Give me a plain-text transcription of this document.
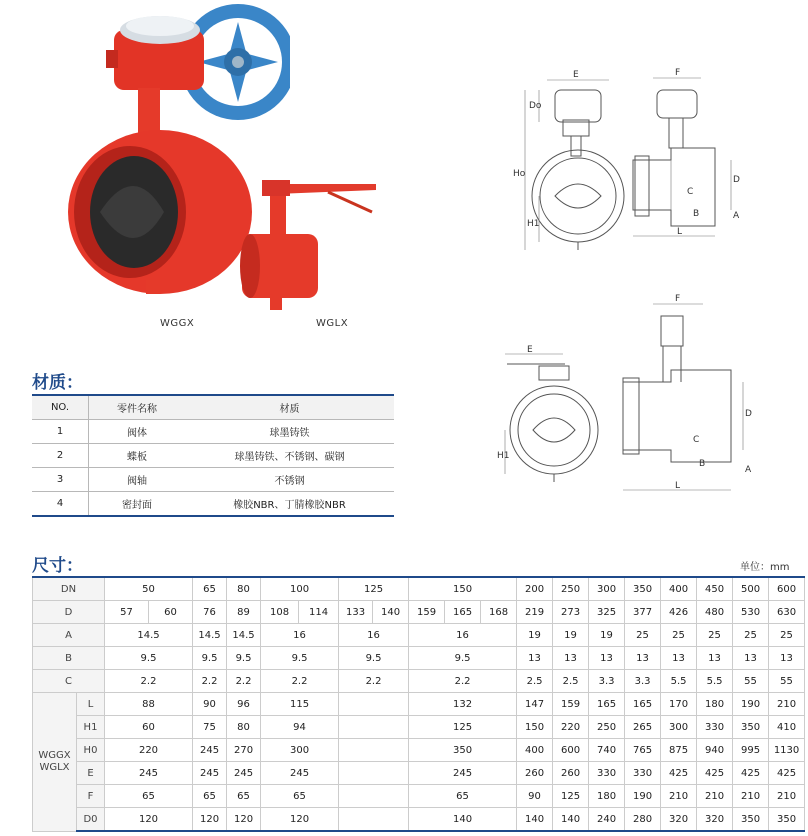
WGGX	WGLX
E
Ho
Do
H1
F
D
C
B	A
L
E
H1
F
D
C
B
A
L
材质：
NO.	零件名称	材质
1	阀体	球墨铸铁
2	蝶板	球墨铸铁、不锈钢、碳钢
3	阀轴	不锈钢
4	密封面	橡胶NBR、丁腈橡胶NBR
尺寸：	单位：mm
DN		50		65	80	100		125		150			200	250	300	350	400	450	500	600
D		57	60	76	89	108	114	133	140	159	165	168	219	273	325	377	426	480	530	630
A		14.5		14.5	14.5	16		16		16			19	19	19	25	25	25	25	25
B		9.5		9.5	9.5	9.5		9.5		9.5			13	13	13	13	13	13	13	13
C		2.2		2.2	2.2	2.2		2.2		2.2			2.5	2.5	3.3	3.3	5.5	5.5	55	55
WGGX
WGLX	L	88		90	96	115				132			147	159	165	165	170	180	190	210
	H1	60		75	80	94				125			150	220	250	265	300	330	350	410
	H0	220		245	270	300				350			400	600	740	765	875	940	995	1130
	E	245		245	245	245				245			260	260	330	330	425	425	425	425
	F	65		65	65	65				65			90	125	180	190	210	210	210	210
	D0	120		120	120	120				140			140	140	240	280	320	320	350	350
